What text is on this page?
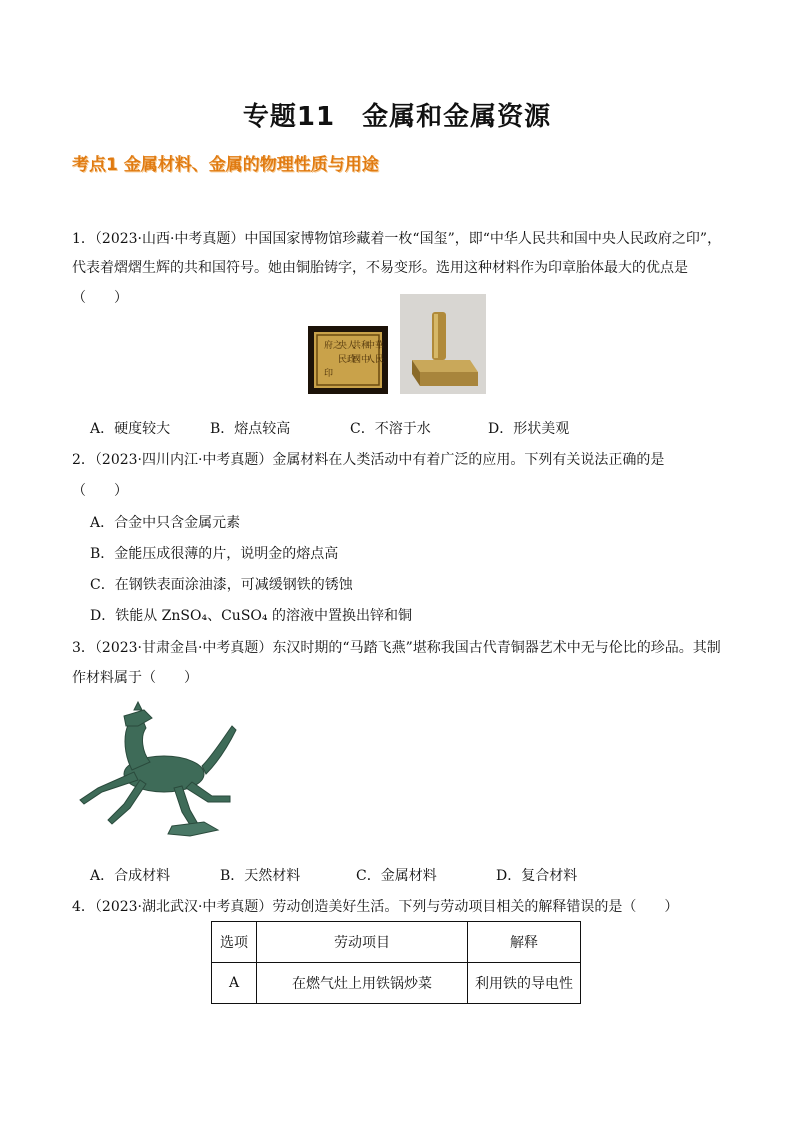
专题11　金属和金属资源
考点1 金属材料、金属的物理性质与用途
1．（2023·山西·中考真题）中国国家博物馆珍藏着一枚“国玺”，即“中华人民共和国中央人民政府之印”，
代表着熠熠生辉的共和国符号。她由铜胎铸字，不易变形。选用这种材料作为印章胎体最大的优点是
（　　）
中華
人民
共和
國中
央人
民政
府之
印
A．硬度较大	B．熔点较高	C．不溶于水	D．形状美观
2．（2023·四川内江·中考真题）金属材料在人类活动中有着广泛的应用。下列有关说法正确的是
（　　）
A．合金中只含金属元素
B．金能压成很薄的片，说明金的熔点高
C．在钢铁表面涂油漆，可减缓钢铁的锈蚀
D．铁能从 ZnSO₄、CuSO₄ 的溶液中置换出锌和铜
3．（2023·甘肃金昌·中考真题）东汉时期的“马踏飞燕”堪称我国古代青铜器艺术中无与伦比的珍品。其制
作材料属于（　　）
A．合成材料	B．天然材料	C．金属材料	D．复合材料
4．（2023·湖北武汉·中考真题）劳动创造美好生活。下列与劳动项目相关的解释错误的是（　　）
选项	劳动项目	解释
A	在燃气灶上用铁锅炒菜	利用铁的导电性
